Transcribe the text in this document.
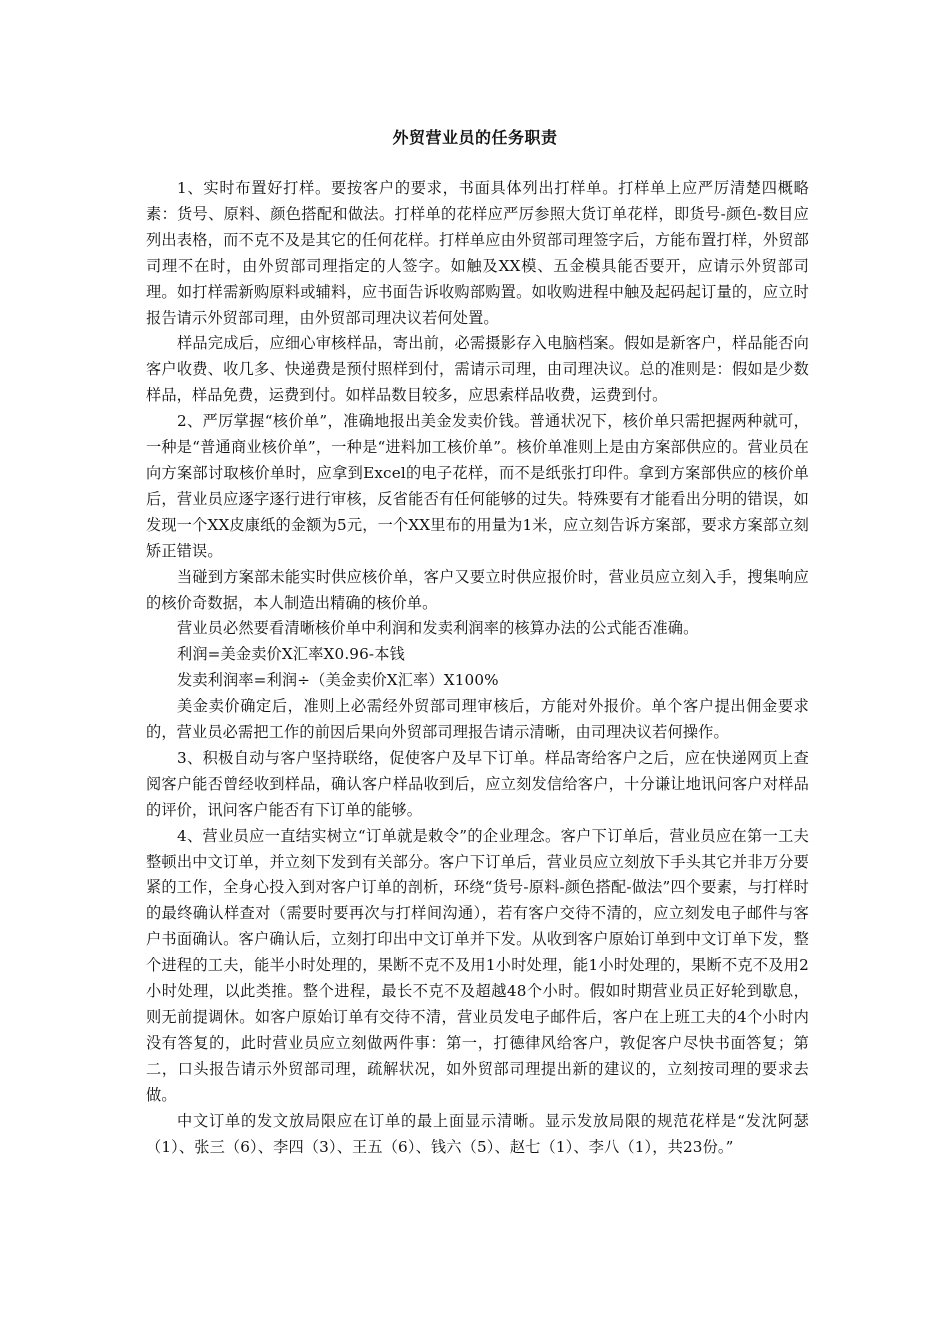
外贸营业员的任务职责

1、实时布置好打样。要按客户的要求，书面具体列出打样单。打样单上应严厉清楚四概略素：货号、原料、颜色搭配和做法。打样单的花样应严厉参照大货订单花样，即货号-颜色-数目应列出表格，而不克不及是其它的任何花样。打样单应由外贸部司理签字后，方能布置打样，外贸部司理不在时，由外贸部司理指定的人签字。如触及XX模、五金模具能否要开，应请示外贸部司理。如打样需新购原料或辅料，应书面告诉收购部购置。如收购进程中触及起码起订量的，应立时报告请示外贸部司理，由外贸部司理决议若何处置。

样品完成后，应细心审核样品，寄出前，必需摄影存入电脑档案。假如是新客户，样品能否向客户收费、收几多、快递费是预付照样到付，需请示司理，由司理决议。总的准则是：假如是少数样品，样品免费，运费到付。如样品数目较多，应思索样品收费，运费到付。

2、严厉掌握“核价单”，准确地报出美金发卖价钱。普通状况下，核价单只需把握两种就可，一种是“普通商业核价单”，一种是“进料加工核价单”。核价单准则上是由方案部供应的。营业员在向方案部讨取核价单时，应拿到Excel的电子花样，而不是纸张打印件。拿到方案部供应的核价单后，营业员应逐字逐行进行审核，反省能否有任何能够的过失。特殊要有才能看出分明的错误，如发现一个XX皮康纸的金额为5元，一个XX里布的用量为1米，应立刻告诉方案部，要求方案部立刻矫正错误。

当碰到方案部未能实时供应核价单，客户又要立时供应报价时，营业员应立刻入手，搜集响应的核价奇数据，本人制造出精确的核价单。

营业员必然要看清晰核价单中利润和发卖利润率的核算办法的公式能否准确。

利润=美金卖价X汇率X0.96-本钱

发卖利润率=利润÷（美金卖价X汇率）X100%

美金卖价确定后，准则上必需经外贸部司理审核后，方能对外报价。单个客户提出佣金要求的，营业员必需把工作的前因后果向外贸部司理报告请示清晰，由司理决议若何操作。

3、积极自动与客户坚持联络，促使客户及早下订单。样品寄给客户之后，应在快递网页上查阅客户能否曾经收到样品，确认客户样品收到后，应立刻发信给客户，十分谦让地讯问客户对样品的评价，讯问客户能否有下订单的能够。

4、营业员应一直结实树立“订单就是敕令”的企业理念。客户下订单后，营业员应在第一工夫整顿出中文订单，并立刻下发到有关部分。客户下订单后，营业员应立刻放下手头其它并非万分要紧的工作，全身心投入到对客户订单的剖析，环绕“货号-原料-颜色搭配-做法”四个要素，与打样时的最终确认样查对（需要时要再次与打样间沟通），若有客户交待不清的，应立刻发电子邮件与客户书面确认。客户确认后，立刻打印出中文订单并下发。从收到客户原始订单到中文订单下发，整个进程的工夫，能半小时处理的，果断不克不及用1小时处理，能1小时处理的，果断不克不及用2小时处理，以此类推。整个进程，最长不克不及超越48个小时。假如时期营业员正好轮到歇息，则无前提调休。如客户原始订单有交待不清，营业员发电子邮件后，客户在上班工夫的4个小时内没有答复的，此时营业员应立刻做两件事：第一，打德律风给客户，敦促客户尽快书面答复；第二，口头报告请示外贸部司理，疏解状况，如外贸部司理提出新的建议的，立刻按司理的要求去做。

中文订单的发文放局限应在订单的最上面显示清晰。显示发放局限的规范花样是“发沈阿瑟（1）、张三（6）、李四（3）、王五（6）、钱六（5）、赵七（1）、李八（1），共23份。”
